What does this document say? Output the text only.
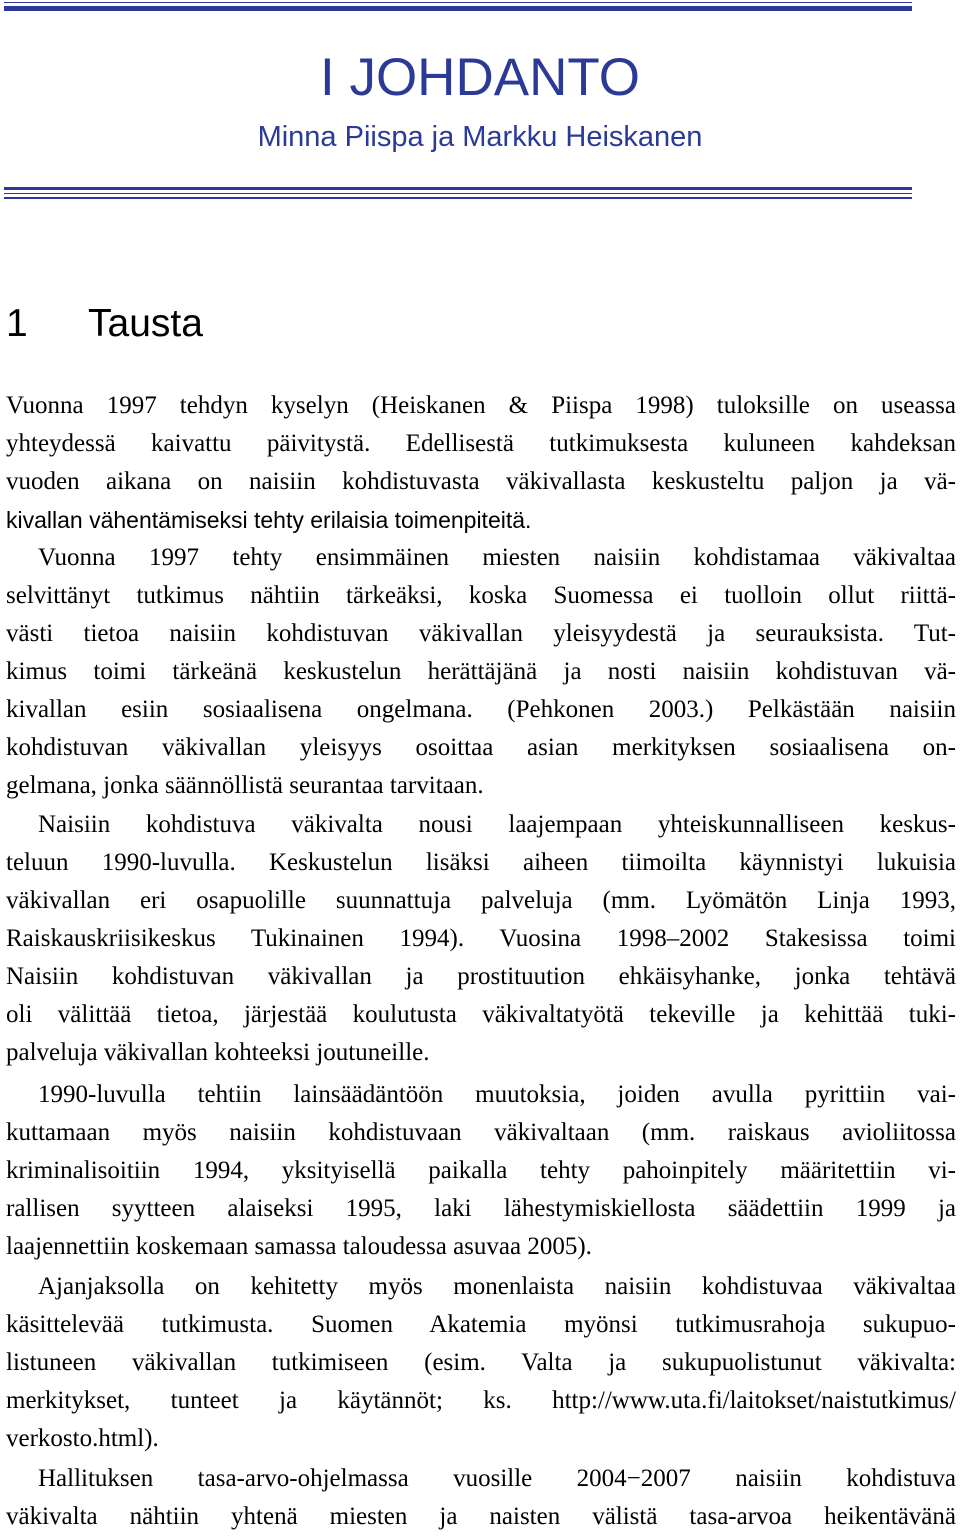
I JOHDANTO
Minna Piispa ja Markku Heiskanen
1 Tausta
Vuonna 1997 tehdyn kyselyn (Heiskanen & Piispa 1998) tuloksille on useassa
yhteydessä kaivattu päivitystä. Edellisestä tutkimuksesta kuluneen kahdeksan
vuoden aikana on naisiin kohdistuvasta väkivallasta keskusteltu paljon ja vä-
kivallan vähentämiseksi tehty erilaisia toimenpiteitä.
Vuonna 1997 tehty ensimmäinen miesten naisiin kohdistamaa väkivaltaa
selvittänyt tutkimus nähtiin tärkeäksi, koska Suomessa ei tuolloin ollut riittä-
västi tietoa naisiin kohdistuvan väkivallan yleisyydestä ja seurauksista. Tut-
kimus toimi tärkeänä keskustelun herättäjänä ja nosti naisiin kohdistuvan vä-
kivallan esiin sosiaalisena ongelmana. (Pehkonen 2003.) Pelkästään naisiin
kohdistuvan väkivallan yleisyys osoittaa asian merkityksen sosiaalisena on-
gelmana, jonka säännöllistä seurantaa tarvitaan.
Naisiin kohdistuva väkivalta nousi laajempaan yhteiskunnalliseen keskus-
teluun 1990-luvulla. Keskustelun lisäksi aiheen tiimoilta käynnistyi lukuisia
väkivallan eri osapuolille suunnattuja palveluja (mm. Lyömätön Linja 1993,
Raiskauskriisikeskus Tukinainen 1994). Vuosina 1998–2002 Stakesissa toimi
Naisiin kohdistuvan väkivallan ja prostituution ehkäisyhanke, jonka tehtävä
oli välittää tietoa, järjestää koulutusta väkivaltatyötä tekeville ja kehittää tuki-
palveluja väkivallan kohteeksi joutuneille.
1990-luvulla tehtiin lainsäädäntöön muutoksia, joiden avulla pyrittiin vai-
kuttamaan myös naisiin kohdistuvaan väkivaltaan (mm. raiskaus avioliitossa
kriminalisoitiin 1994, yksityisellä paikalla tehty pahoinpitely määritettiin vi-
rallisen syytteen alaiseksi 1995, laki lähestymiskiellosta säädettiin 1999 ja
laajennettiin koskemaan samassa taloudessa asuvaa 2005).
Ajanjaksolla on kehitetty myös monenlaista naisiin kohdistuvaa väkivaltaa
käsittelevää tutkimusta. Suomen Akatemia myönsi tutkimusrahoja sukupuo-
listuneen väkivallan tutkimiseen (esim. Valta ja sukupuolistunut väkivalta:
merkitykset, tunteet ja käytännöt; ks. http://www.uta.fi/laitokset/naistutkimus/
verkosto.html).
Hallituksen tasa-arvo-ohjelmassa vuosille 2004−2007 naisiin kohdistuva
väkivalta nähtiin yhtenä miesten ja naisten välistä tasa-arvoa heikentävänä
